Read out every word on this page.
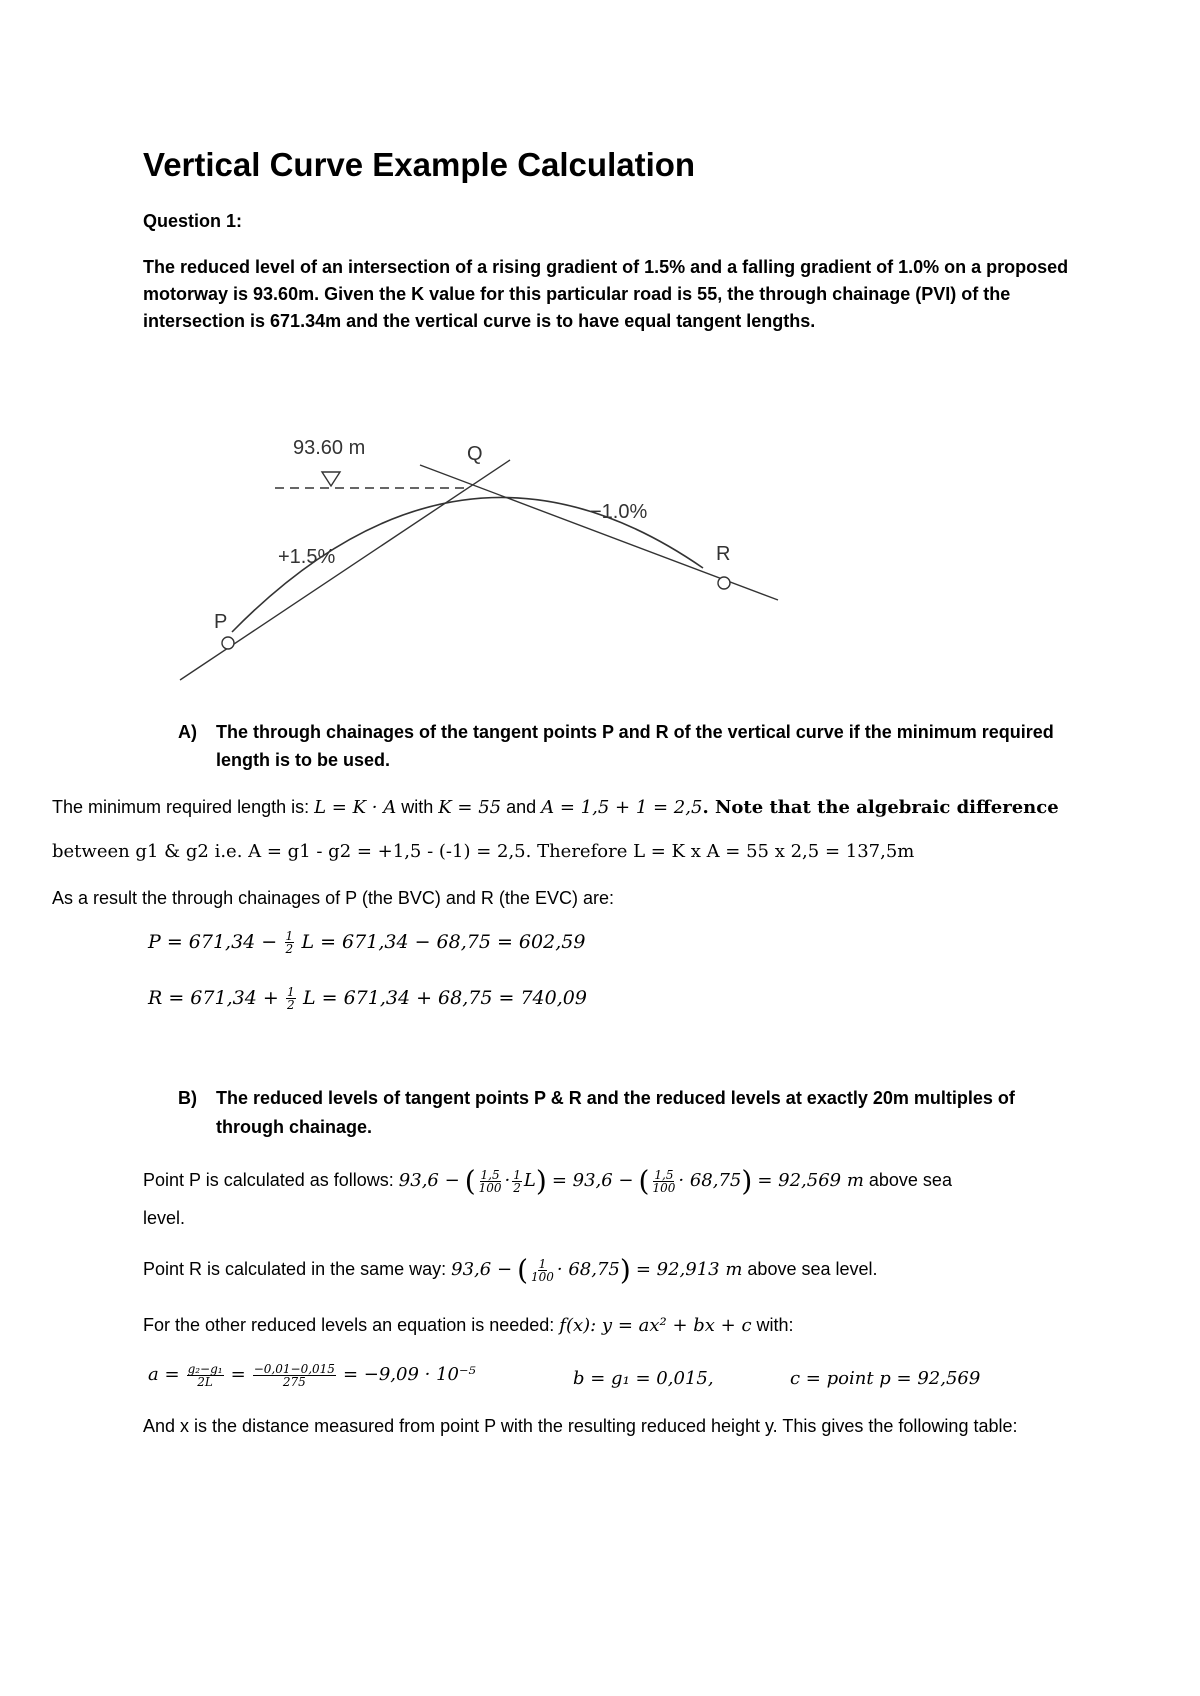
Vertical Curve Example Calculation
Question 1:
The reduced level of an intersection of a rising gradient of 1.5% and a falling gradient of 1.0% on a proposed motorway is 93.60m. Given the K value for this particular road is 55, the through chainage (PVI) of the intersection is 671.34m and the vertical curve is to have equal tangent lengths.
93.60 m	Q
−1.0%
+1.5%	R
P
A)	The through chainages of the tangent points P and R of the vertical curve if the minimum required length is to be used.
The minimum required length is: L = K · A with K = 55 and A = 1,5 + 1 = 2,5. Note that the algebraic difference
between g1 & g2 i.e. A = g1 - g2 = +1,5 - (-1) = 2,5. Therefore L = K x A = 55 x 2,5 = 137,5m
As a result the through chainages of P (the BVC) and R (the EVC) are:
$P = 671,34 - \frac{1}{2}$ L = 671,34 − 68,75 = 602,59
$R = 671,34 + \frac{1}{2}$ L = 671,34 + 68,75 = 740,09
B)	The reduced levels of tangent points P & R and the reduced levels at exactly 20m multiples of through chainage.
Point P is calculated as follows: 93,6 − ( $\frac{1,5}{100} \cdot \frac{1}{2} L) = 93,6$ − ( $\frac{1,5}{100} \cdot 68,75) = 92,569$ m above sea
level.
Point R is calculated in the same way: 93,6 − ( $\frac{1}{100} \cdot 68,75) = 92,913$ m above sea level.
For the other reduced levels an equation is needed: f(x): y = ax² + bx + c with:
$a = \frac{\text{g₂−g₁}}{2L} = \frac{-0,01-0,015}{275} = -9,09 \cdot 10^{-5}$	b = g₁ = 0,015,	c = point p = 92,569
And x is the distance measured from point P with the resulting reduced height y. This gives the following table:
